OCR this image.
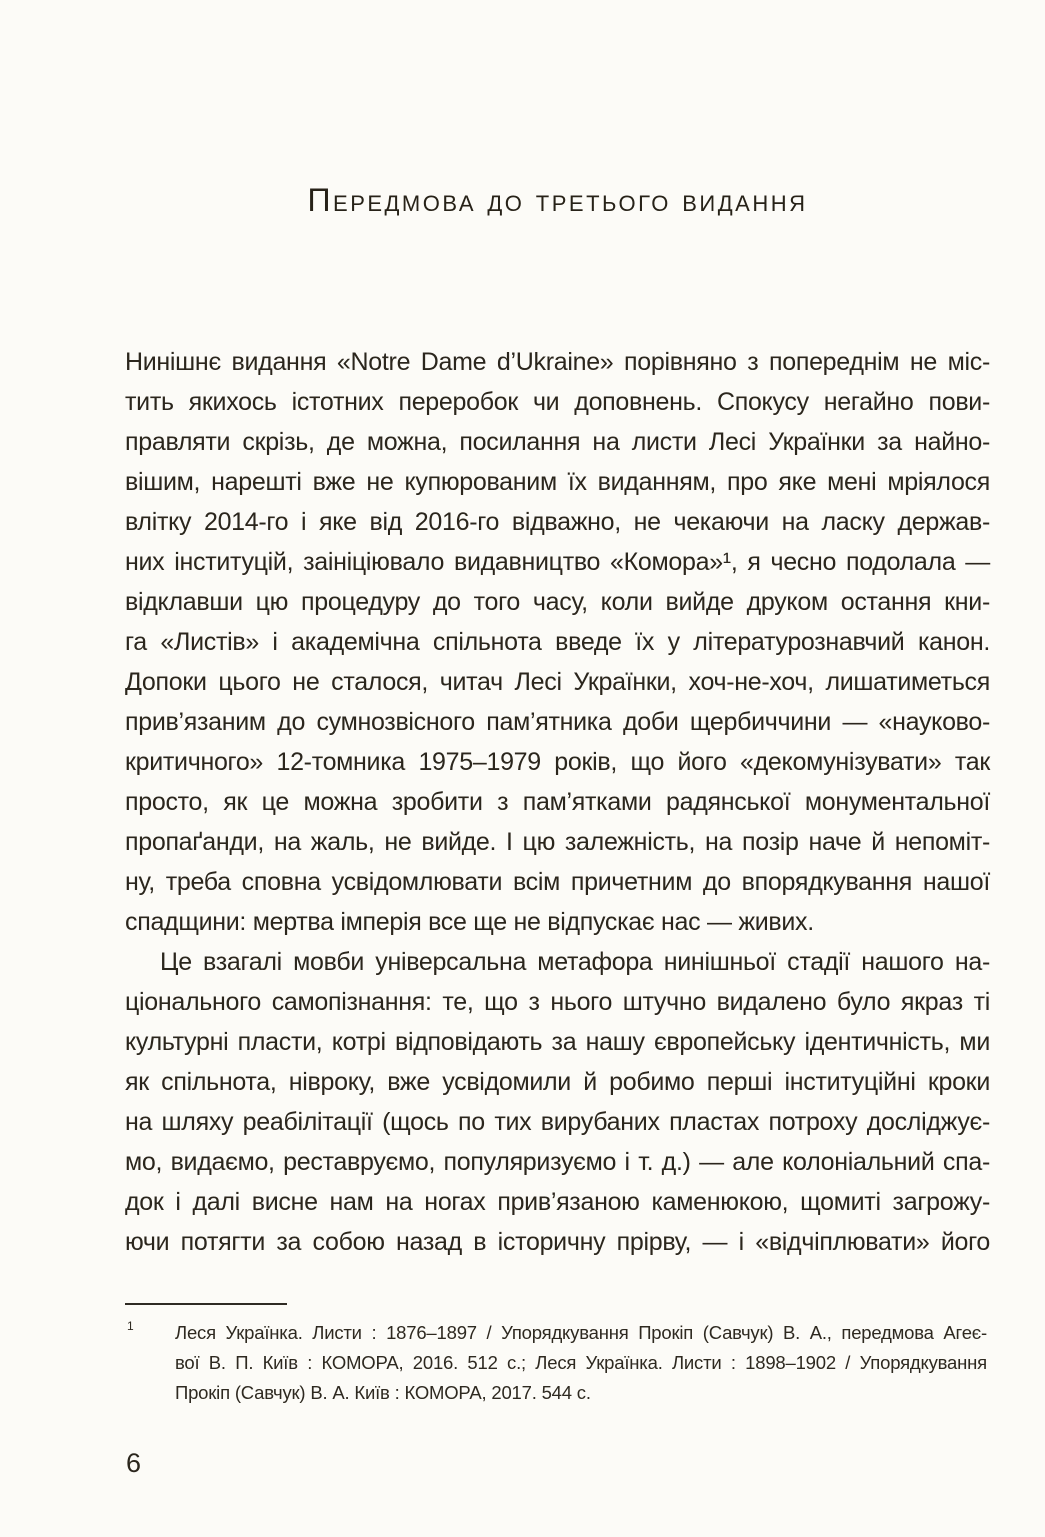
Передмова до третього видання
Нинішнє видання «Notre Dame d’Ukraine» порівняно з попереднім не міс-
тить якихось істотних переробок чи доповнень. Спокусу негайно пови-
правляти скрізь, де можна, посилання на листи Лесі Українки за найно-
вішим, нарешті вже не купюрованим їх виданням, про яке мені мріялося
влітку 2014-го і яке від 2016-го відважно, не чекаючи на ласку держав-
них інституцій, заініціювало видавництво «Комора»¹, я чесно подолала —
відклавши цю процедуру до того часу, коли вийде друком остання кни-
га «Листів» і академічна спільнота введе їх у літературознавчий канон.
Допоки цього не сталося, читач Лесі Українки, хоч-не-хоч, лишатиметься
прив’язаним до сумнозвісного пам’ятника доби щербиччини — «науково-
критичного» 12-томника 1975–1979 років, що його «декомунізувати» так
просто, як це можна зробити з пам’ятками радянської монументальної
пропаґанди, на жаль, не вийде. І цю залежність, на позір наче й непоміт-
ну, треба сповна усвідомлювати всім причетним до впорядкування нашої
спадщини: мертва імперія все ще не відпускає нас — живих.
Це взагалі мовби універсальна метафора нинішньої стадії нашого на-
ціонального самопізнання: те, що з нього штучно видалено було якраз ті
культурні пласти, котрі відповідають за нашу європейську ідентичність, ми
як спільнота, нівроку, вже усвідомили й робимо перші інституційні кроки
на шляху реабілітації (щось по тих вирубаних пластах потроху досліджує-
мо, видаємо, реставруємо, популяризуємо і т. д.) — але колоніальний спа-
док і далі висне нам на ногах прив’язаною каменюкою, щомиті загрожу-
ючи потягти за собою назад в історичну прірву, — і «відчіплювати» його
1 Леся Українка. Листи : 1876–1897 / Упорядкування Прокіп (Савчук) В. А., передмова Агеє-
вої В. П. Київ : КОМОРА, 2016. 512 с.; Леся Українка. Листи : 1898–1902 / Упорядкування
Прокіп (Савчук) В. А. Київ : КОМОРА, 2017. 544 с.
6
